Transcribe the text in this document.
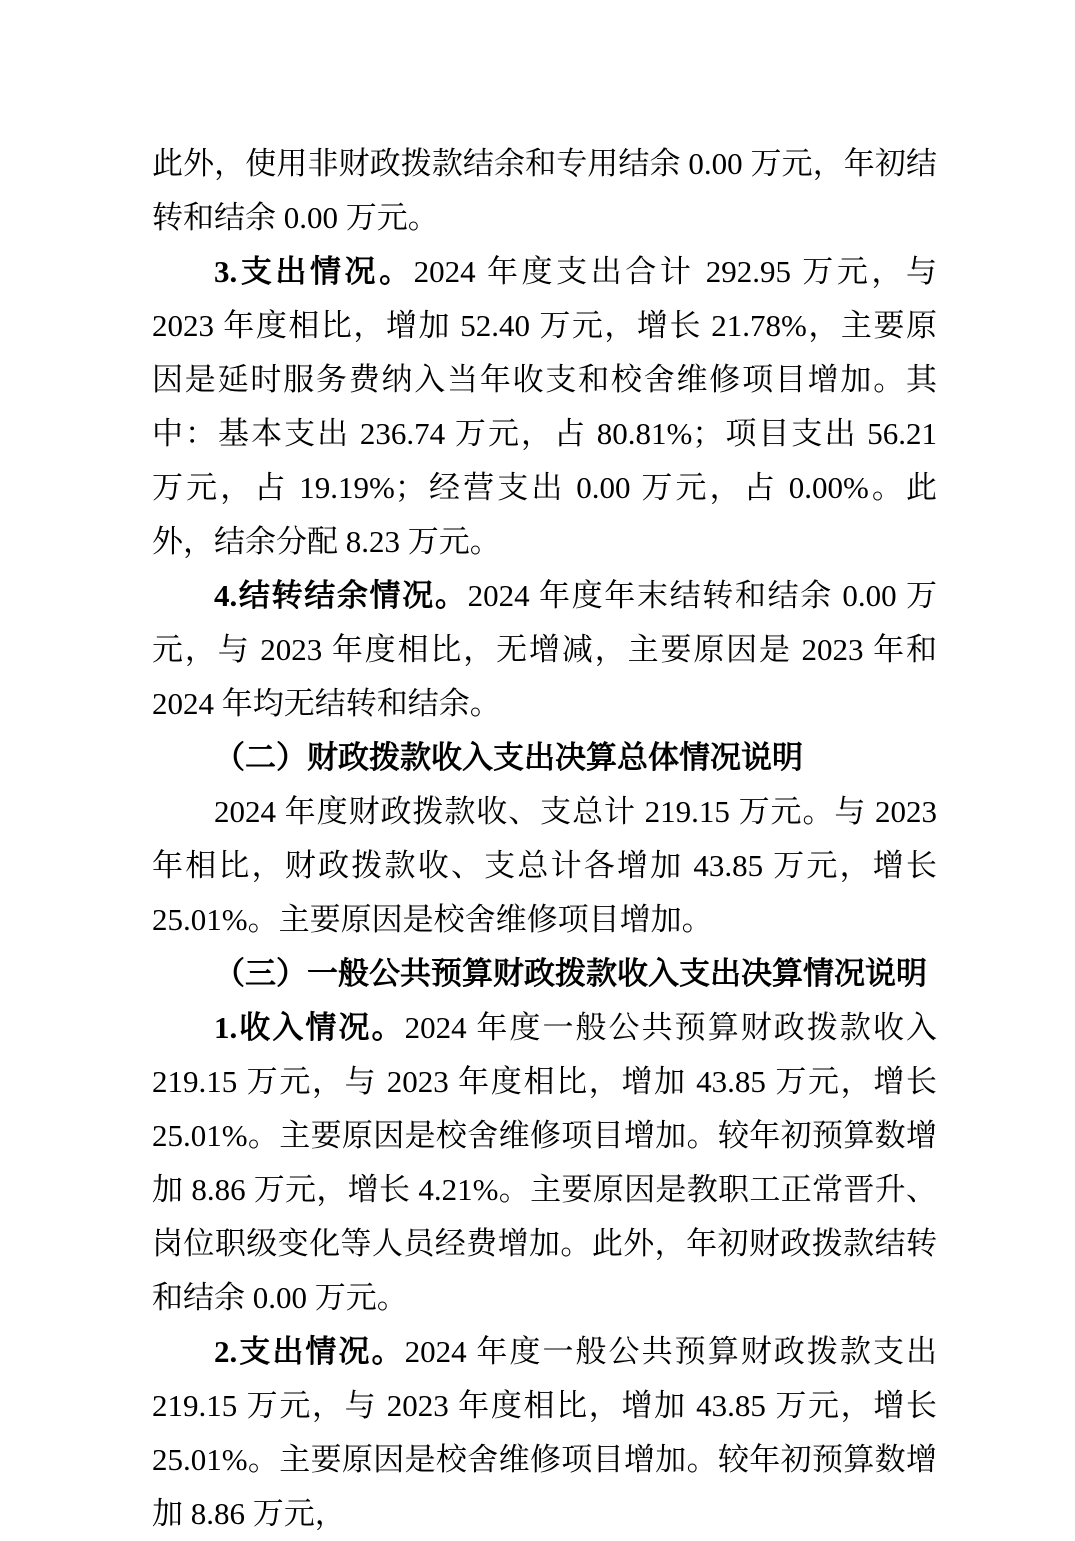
此外，使用非财政拨款结余和专用结余 0.00 万元，年初结转和结余 0.00 万元。

3.支出情况。2024 年度支出合计 292.95 万元，与 2023 年度相比，增加 52.40 万元，增长 21.78%，主要原因是延时服务费纳入当年收支和校舍维修项目增加。其中：基本支出 236.74 万元，占 80.81%；项目支出 56.21 万元，占 19.19%；经营支出 0.00 万元，占 0.00%。此外，结余分配 8.23 万元。

4.结转结余情况。2024 年度年末结转和结余 0.00 万元，与 2023 年度相比，无增减，主要原因是 2023 年和 2024 年均无结转和结余。

（二）财政拨款收入支出决算总体情况说明

2024 年度财政拨款收、支总计 219.15 万元。与 2023 年相比，财政拨款收、支总计各增加 43.85 万元，增长 25.01%。主要原因是校舍维修项目增加。

（三）一般公共预算财政拨款收入支出决算情况说明

1.收入情况。2024 年度一般公共预算财政拨款收入 219.15 万元，与 2023 年度相比，增加 43.85 万元，增长 25.01%。主要原因是校舍维修项目增加。较年初预算数增加 8.86 万元，增长 4.21%。主要原因是教职工正常晋升、岗位职级变化等人员经费增加。此外，年初财政拨款结转和结余 0.00 万元。

2.支出情况。2024 年度一般公共预算财政拨款支出 219.15 万元，与 2023 年度相比，增加 43.85 万元，增长 25.01%。主要原因是校舍维修项目增加。较年初预算数增加 8.86 万元，
